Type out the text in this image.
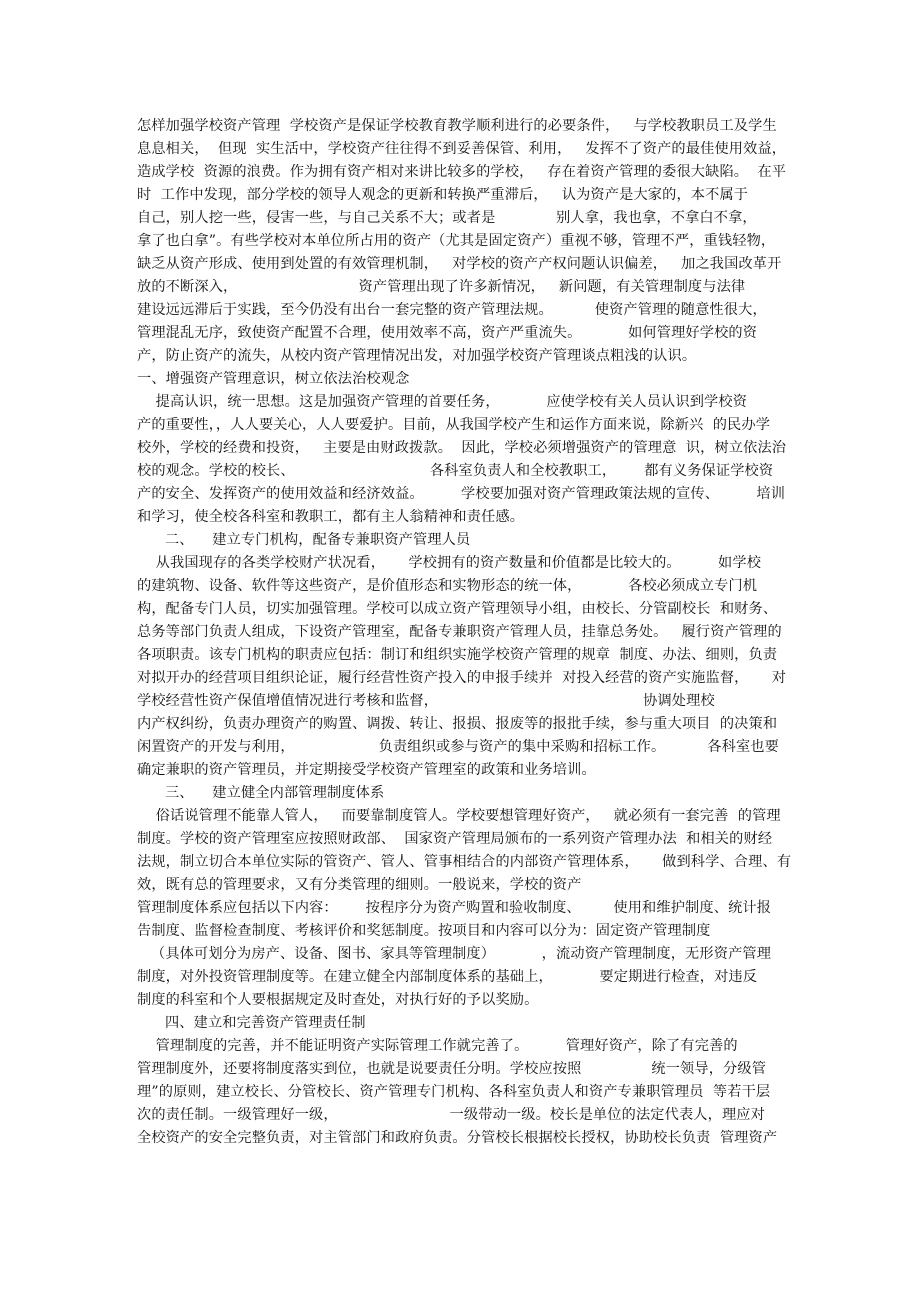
怎样加强学校资产管理  学校资产是保证学校教育教学顺利进行的必要条件，   与学校教职员工及学生
息息相关，  但现  实生活中，学校资产往往得不到妥善保管、利用，   发挥不了资产的最佳使用效益，
造成学校  资源的浪费。作为拥有资产相对来讲比较多的学校，   存在着资产管理的委很大缺陷。  在平
时  工作中发现，部分学校的领导人观念的更新和转换严重滞后，   认为资产是大家的，本不属于
自己，别人挖一些，侵害一些，与自己关系不大；或者是             别人拿，我也拿，不拿白不拿，
拿了也白拿”。有些学校对本单位所占用的资产（尤其是固定资产）重视不够，管理不严，重钱轻物，
缺乏从资产形成、使用到处置的有效管理机制，   对学校的资产产权问题认识偏差，   加之我国改革开
放的不断深入，                          资产管理出现了许多新情况，   新问题，有关管理制度与法律
建设远远滞后于实践，至今仍没有出台一套完整的资产管理法规。         使资产管理的随意性很大，
管理混乱无序，致使资产配置不合理，使用效率不高，资产严重流失。          如何管理好学校的资
产，防止资产的流失，从校内资产管理情况出发，对加强学校资产管理谈点粗浅的认识。
一、增强资产管理意识，树立依法治校观念
提高认识，统一思想。这是加强资产管理的首要任务，          应使学校有关人员认识到学校资
产的重要性，，人人要关心，人人要爱护。目前，从我国学校产生和运作方面来说，除新兴  的民办学
校外，学校的经费和投资，   主要是由财政拨款。  因此，学校必须增强资产的管理意  识，树立依法治
校的观念。学校的校长、                             各科室负责人和全校教职工，      都有义务保证学校资
产的安全、发挥资产的使用效益和经济效益。        学校要加强对资产管理政策法规的宣传、        培训
和学习，使全校各科室和教职工，都有主人翁精神和责任感。
二、    建立专门机构，配备专兼职资产管理人员
从我国现存的各类学校财产状况看，     学校拥有的资产数量和价值都是比较大的。        如学校
的建筑物、设备、软件等这些资产，是价值形态和实物形态的统一体，          各校必须成立专门机
构，配备专门人员，切实加强管理。学校可以成立资产管理领导小组，由校长、分管副校长  和财务、
总务等部门负责人组成，下设资产管理室，配备专兼职资产管理人员，挂靠总务处。   履行资产管理的
各项职责。该专门机构的职责应包括：制订和组织实施学校资产管理的规章  制度、办法、细则，负责
对拟开办的经营项目组织论证，履行经营性资产投入的申报手续并  对投入经营的资产实施监督，     对
学校经营性资产保值增值情况进行考核和监督，                                            协调处理校
内产权纠纷，负责办理资产的购置、调拨、转让、报损、报废等的报批手续，参与重大项目  的决策和
闲置资产的开发与利用，                  负责组织或参与资产的集中采购和招标工作。         各科室也要
确定兼职的资产管理员，并定期接受学校资产管理室的政策和业务培训。
三、    建立健全内部管理制度体系
俗话说管理不能靠人管人，   而要靠制度管人。学校要想管理好资产，   就必须有一套完善  的管理
制度。学校的资产管理室应按照财政部、  国家资产管理局颁布的一系列资产管理办法  和相关的财经
法规，制立切合本单位实际的管资产、管人、管事相结合的内部资产管理体系，     做到科学、合理、有
效，既有总的管理要求，又有分类管理的细则。一般说来，学校的资产
管理制度体系应包括以下内容：      按程序分为资产购置和验收制度、       使用和维护制度、统计报
告制度、监督检查制度、考核评价和奖惩制度。按项目和内容可以分为：固定资产管理制度
（具体可划分为房产、设备、图书、家具等管理制度）          ，流动资产管理制度，无形资产管理
制度，对外投资管理制度等。在建立健全内部制度体系的基础上，          要定期进行检查，对违反
制度的科室和个人要根据规定及时查处，对执行好的予以奖励。
四、建立和完善资产管理责任制
管理制度的完善，并不能证明资产实际管理工作就完善了。        管理好资产，除了有完善的
管理制度外，还要将制度落实到位，也就是说要责任分明。学校应按照               统一领导，分级管
理”的原则，建立校长、分管校长、资产管理专门机构、各科室负责人和资产专兼职管理员  等若干层
次的责任制。一级管理好一级，                        一级带动一级。校长是单位的法定代表人，理应对
全校资产的安全完整负责，对主管部门和政府负责。分管校长根据校长授权，协助校长负责  管理资产
